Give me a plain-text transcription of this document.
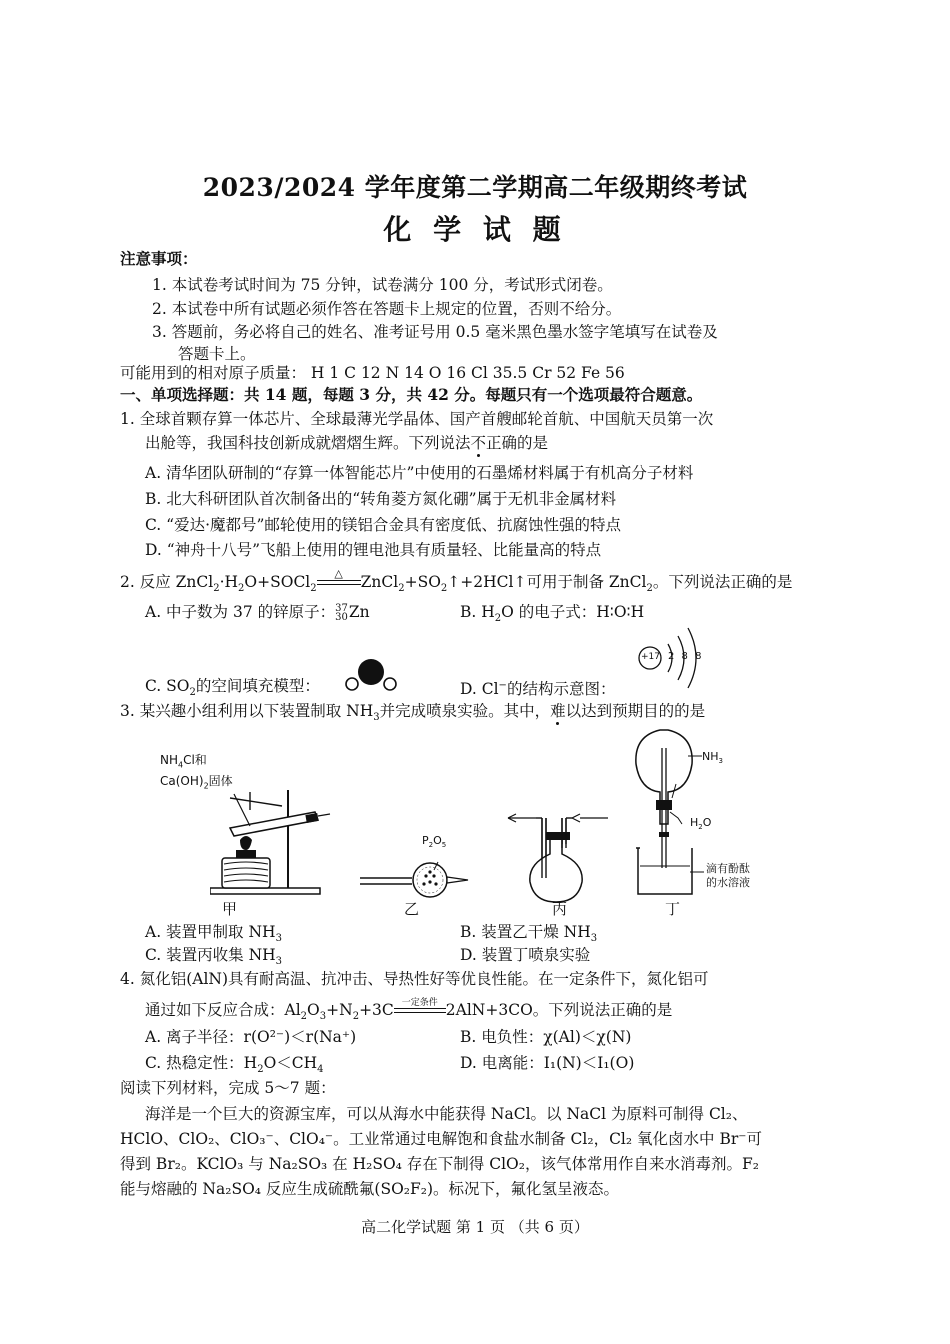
2023/2024 学年度第二学期高二年级期终考试
化 学 试 题
注意事项：
1. 本试卷考试时间为 75 分钟，试卷满分 100 分，考试形式闭卷。
2. 本试卷中所有试题必须作答在答题卡上规定的位置，否则不给分。
3. 答题前，务必将自己的姓名、准考证号用 0.5 毫米黑色墨水签字笔填写在试卷及
答题卡上。
可能用到的相对原子质量： H 1 C 12 N 14 O 16 Cl 35.5 Cr 52 Fe 56
一、单项选择题：共 14 题，每题 3 分，共 42 分。每题只有一个选项最符合题意。
1. 全球首颗存算一体芯片、全球最薄光学晶体、国产首艘邮轮首航、中国航天员第一次
出舱等，我国科技创新成就熠熠生辉。下列说法不正确的是
A. 清华团队研制的“存算一体智能芯片”中使用的石墨烯材料属于有机高分子材料
B. 北大科研团队首次制备出的“转角菱方氮化硼”属于无机非金属材料
C. “爱达·魔都号”邮轮使用的镁铝合金具有密度低、抗腐蚀性强的特点
D. “神舟十八号”飞船上使用的锂电池具有质量轻、比能量高的特点
2. 反应 $ZnCl_2\cdot H_2O+SOCl_2$
△	$ZnCl_2+SO_2↑+2HCl↑$可用于制备 ZnCl$_2$。下列说法正确的是
A. 中子数为 37 的锌原子：37
30Zn	B. $H_2O$ 的电子式：H∶O∶H
C. $SO_2$的空间填充模型：	D. Cl−的结构示意图：
+17 2 8 8
3. 某兴趣小组利用以下装置制取 $NH_3$并完成喷泉实验。其中，难以达到预期目的的是
$NH_4Cl$和
$Ca(OH)_2$固体
$P_2O_5$
$NH_3$
$H_2O$
滴有酚酞
的水溶液
甲	乙	丙	丁
A. 装置甲制取 $NH_3$	B. 装置乙干燥 $NH_3$
C. 装置丙收集 $NH_3$	D. 装置丁喷泉实验
4. 氮化铝(AlN)具有耐高温、抗冲击、导热性好等优良性能。在一定条件下，氮化铝可
通过如下反应合成：$Al_2O_3+N_2+3C$ 一定条件 2AlN+3CO。下列说法正确的是
A. 离子半径：r(O²⁻)＜r(Na⁺)	B. 电负性：χ(Al)＜χ(N)
C. 热稳定性：$H_2O<CH_4$	D. 电离能：I₁(N)＜I₁(O)
阅读下列材料，完成 5～7 题：
海洋是一个巨大的资源宝库，可以从海水中能获得 NaCl。以 NaCl 为原料可制得 Cl₂、
HClO、ClO₂、ClO₃⁻、ClO₄⁻。工业常通过电解饱和食盐水制备 Cl₂，Cl₂ 氧化卤水中 Br⁻可
得到 Br₂。KClO₃ 与 Na₂SO₃ 在 H₂SO₄ 存在下制得 ClO₂，该气体常用作自来水消毒剂。F₂
能与熔融的 Na₂SO₄ 反应生成硫酰氟(SO₂F₂)。标况下，氟化氢呈液态。
高二化学试题 第 1 页 （共 6 页）
